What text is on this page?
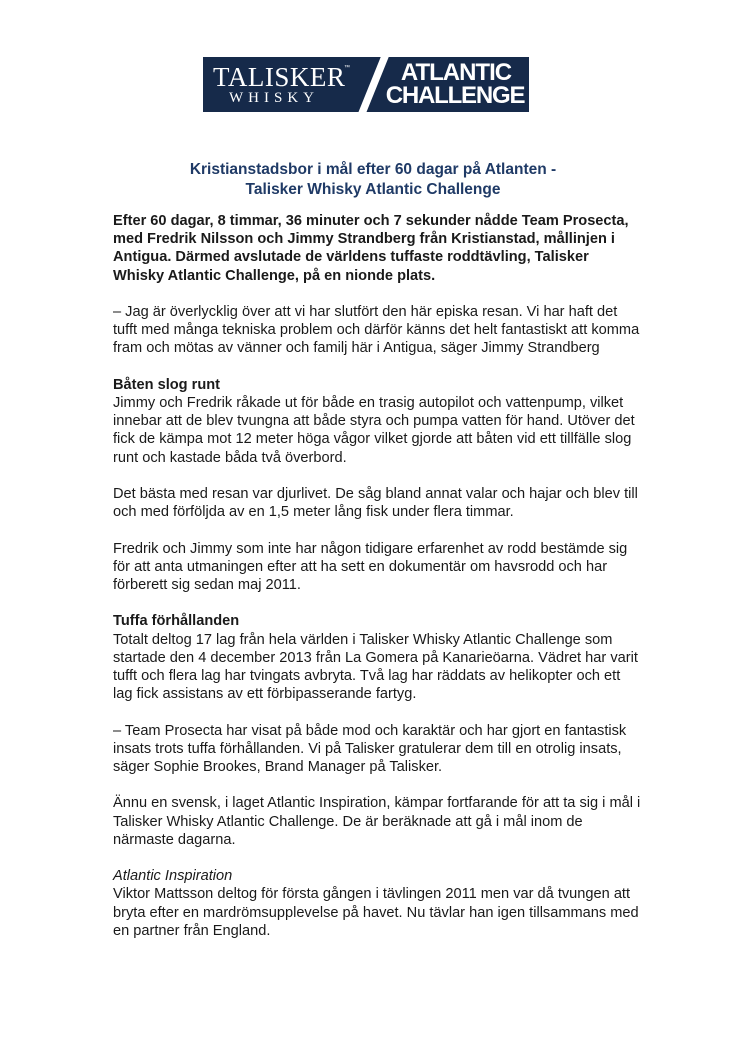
TALISKER
™
WHISKY
ATLANTIC
CHALLENGE
Kristianstadsbor i mål efter 60 dagar på Atlanten -
Talisker Whisky Atlantic Challenge

Efter 60 dagar, 8 timmar, 36 minuter och 7 sekunder nådde Team Prosecta, med Fredrik Nilsson och Jimmy Strandberg från Kristianstad, mållinjen i Antigua. Därmed avslutade de världens tuffaste roddtävling, Talisker Whisky Atlantic Challenge, på en nionde plats.

– Jag är överlycklig över att vi har slutfört den här episka resan. Vi har haft det tufft med många tekniska problem och därför känns det helt fantastiskt att komma fram och mötas av vänner och familj här i Antigua, säger Jimmy Strandberg

Båten slog runt
Jimmy och Fredrik råkade ut för både en trasig autopilot och vattenpump, vilket innebar att de blev tvungna att både styra och pumpa vatten för hand. Utöver det fick de kämpa mot 12 meter höga vågor vilket gjorde att båten vid ett tillfälle slog runt och kastade båda två överbord.

Det bästa med resan var djurlivet. De såg bland annat valar och hajar och blev till och med förföljda av en 1,5 meter lång fisk under flera timmar.

Fredrik och Jimmy som inte har någon tidigare erfarenhet av rodd bestämde sig för att anta utmaningen efter att ha sett en dokumentär om havsrodd och har förberett sig sedan maj 2011.

Tuffa förhållanden
Totalt deltog 17 lag från hela världen i Talisker Whisky Atlantic Challenge som startade den 4 december 2013 från La Gomera på Kanarieöarna. Vädret har varit tufft och flera lag har tvingats avbryta. Två lag har räddats av helikopter och ett lag fick assistans av ett förbipasserande fartyg.

– Team Prosecta har visat på både mod och karaktär och har gjort en fantastisk insats trots tuffa förhållanden. Vi på Talisker gratulerar dem till en otrolig insats, säger Sophie Brookes, Brand Manager på Talisker.

Ännu en svensk, i laget Atlantic Inspiration, kämpar fortfarande för att ta sig i mål i Talisker Whisky Atlantic Challenge. De är beräknade att gå i mål inom de närmaste dagarna.

Atlantic Inspiration
Viktor Mattsson deltog för första gången i tävlingen 2011 men var då tvungen att bryta efter en mardrömsupplevelse på havet. Nu tävlar han igen tillsammans med en partner från England.
